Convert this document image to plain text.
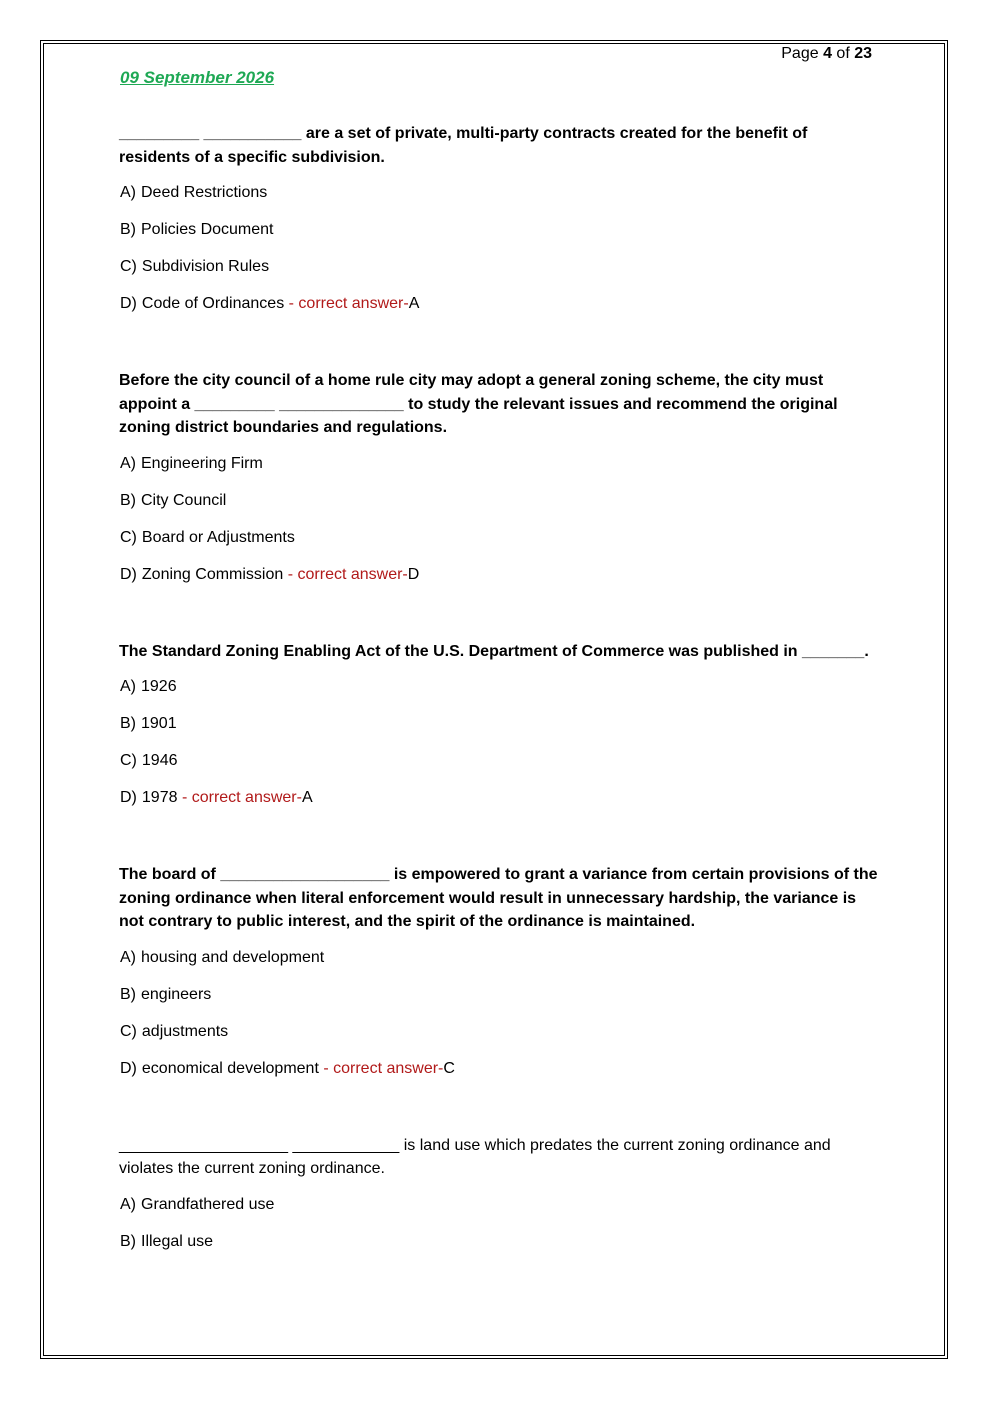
Page 4 of 23
09 September 2026
_________ ___________ are a set of private, multi-party contracts created for the benefit of residents of a specific subdivision.
A) Deed Restrictions
B) Policies Document
C) Subdivision Rules
D) Code of Ordinances - correct answer-A
Before the city council of a home rule city may adopt a general zoning scheme, the city must appoint a _________ ______________ to study the relevant issues and recommend the original zoning district boundaries and regulations.
A) Engineering Firm
B) City Council
C) Board or Adjustments
D) Zoning Commission - correct answer-D
The Standard Zoning Enabling Act of the U.S. Department of Commerce was published in _______.
A) 1926
B) 1901
C) 1946
D) 1978 - correct answer-A
The board of ___________________ is empowered to grant a variance from certain provisions of the zoning ordinance when literal enforcement would result in unnecessary hardship, the variance is not contrary to public interest, and the spirit of the ordinance is maintained.
A) housing and development
B) engineers
C) adjustments
D) economical development - correct answer-C
___________________ ____________ is land use which predates the current zoning ordinance and violates the current zoning ordinance.
A) Grandfathered use
B) Illegal use
